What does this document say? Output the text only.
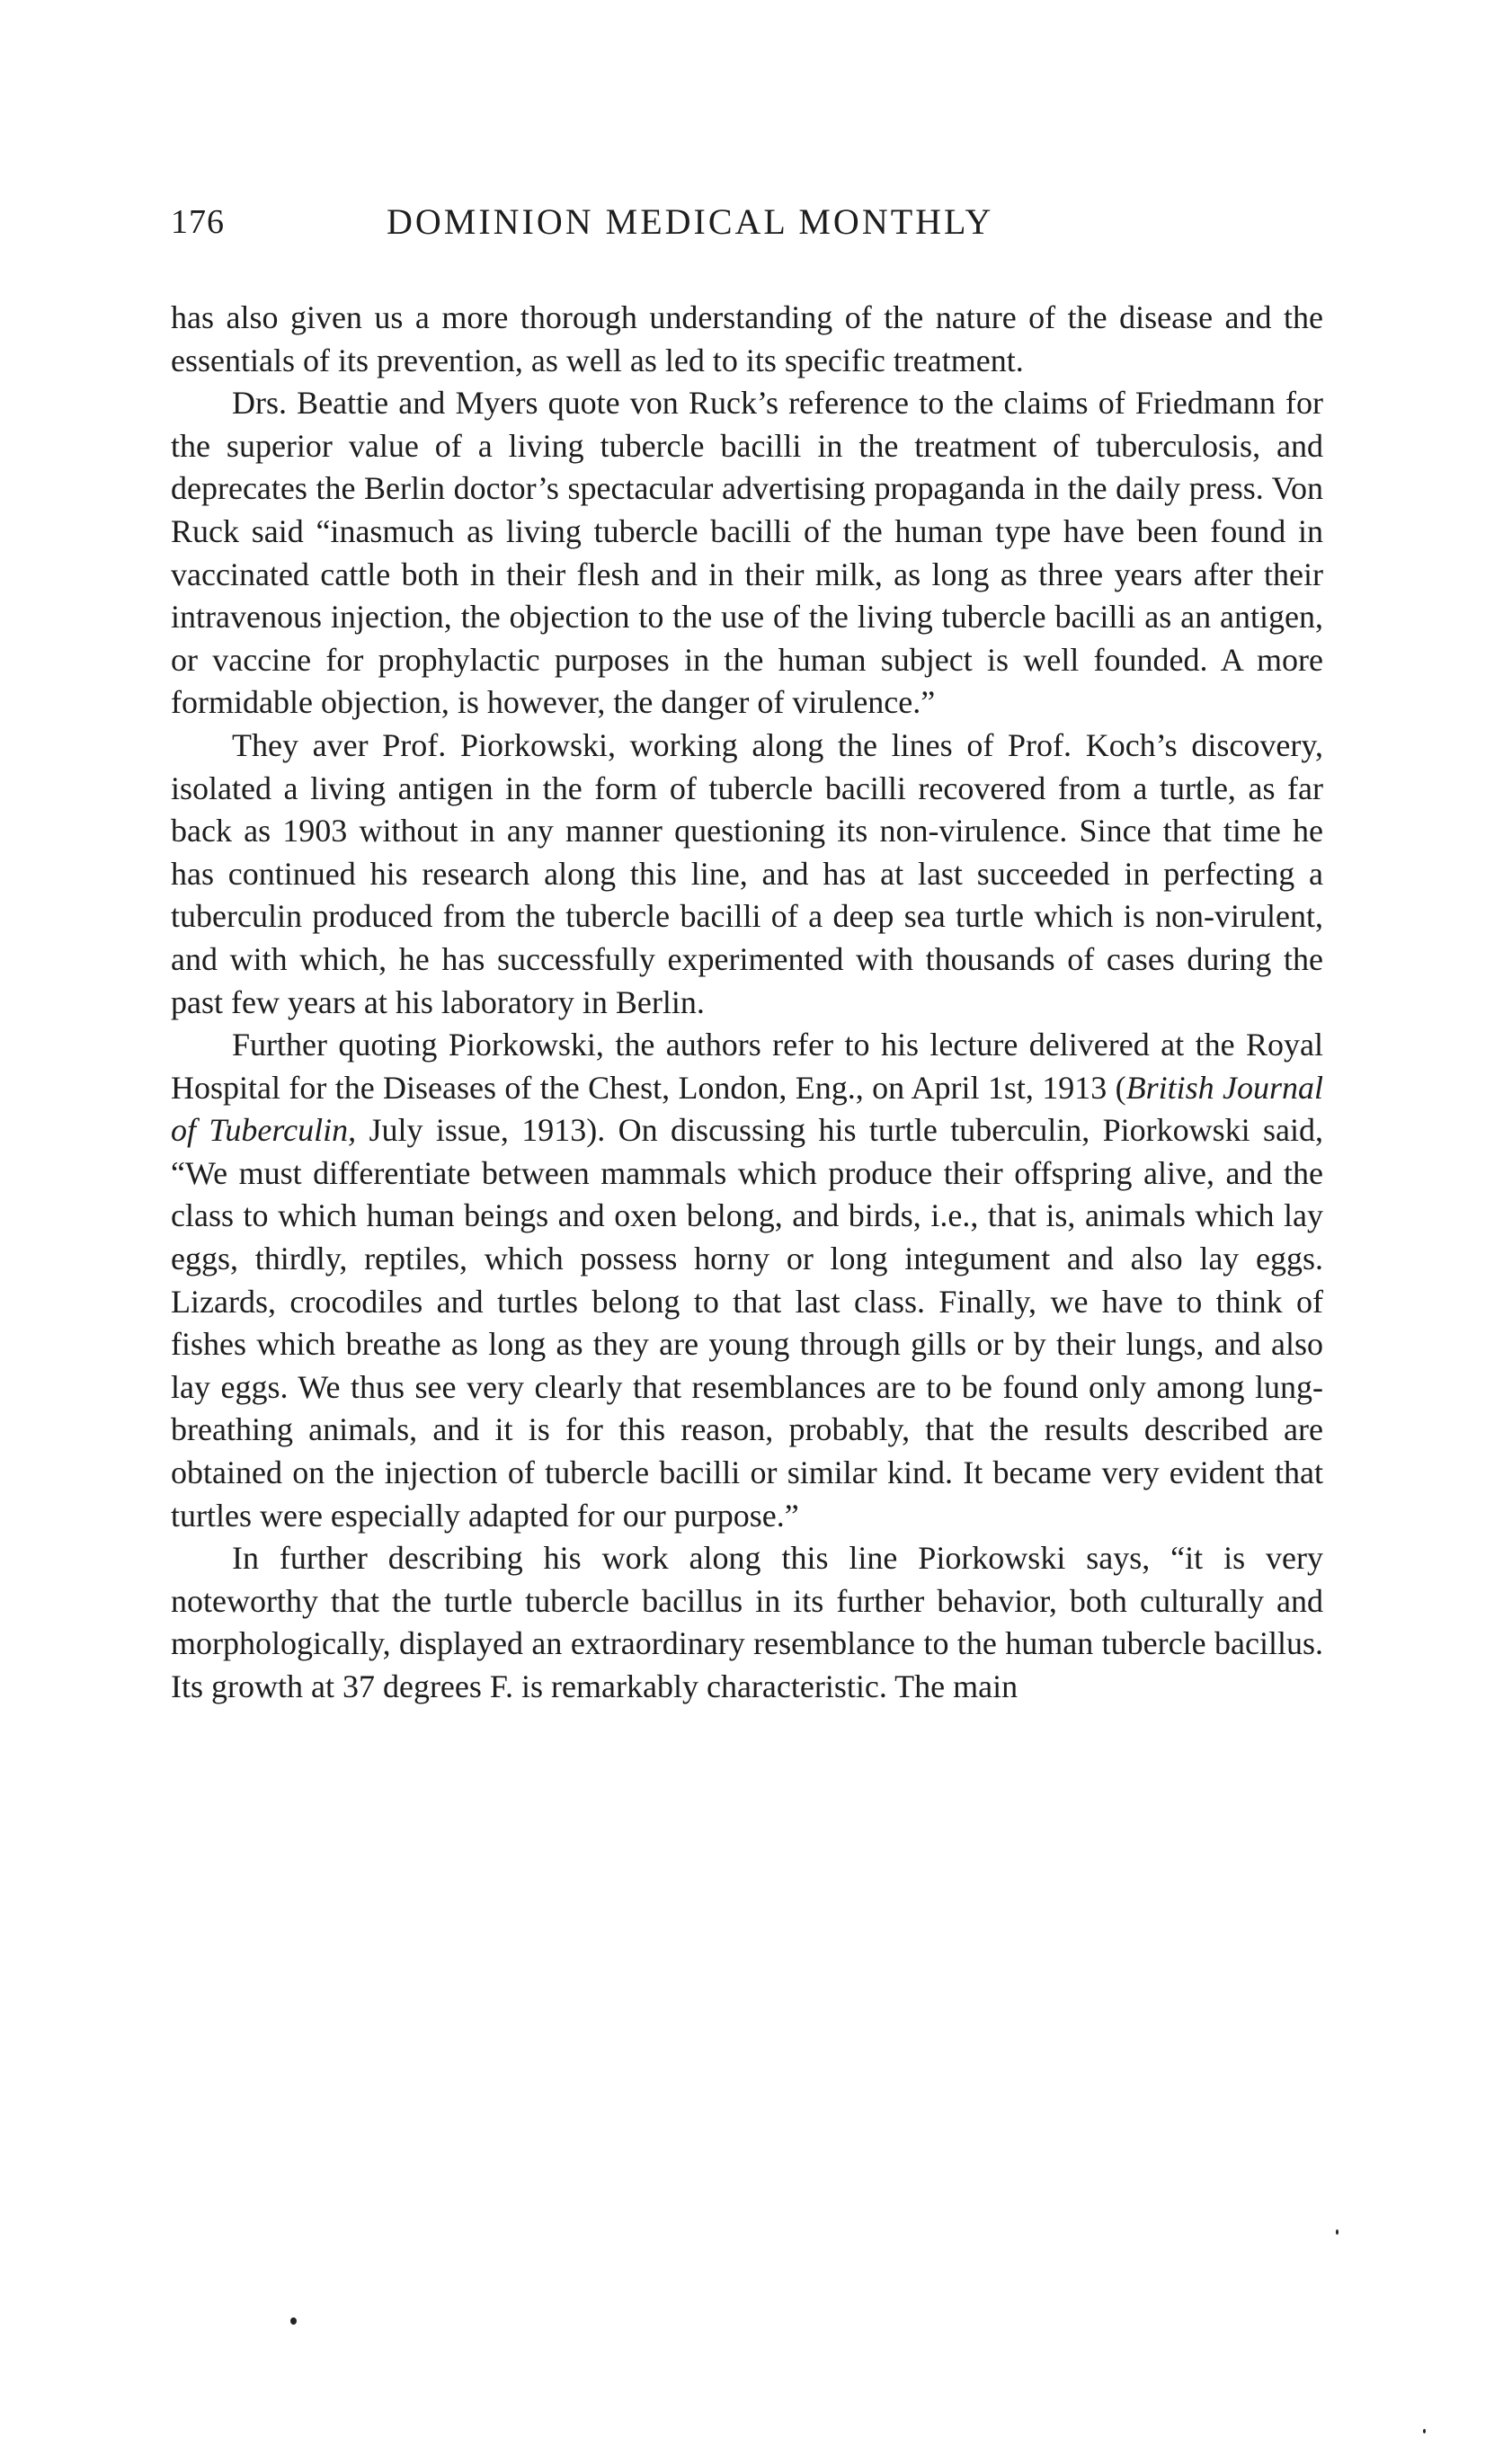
176	DOMINION MEDICAL MONTHLY

has also given us a more thorough understanding of the nature of the disease and the essentials of its prevention, as well as led to its specific treatment.

Drs. Beattie and Myers quote von Ruck’s reference to the claims of Friedmann for the superior value of a living tubercle bacilli in the treatment of tuberculosis, and deprecates the Berlin doctor’s spectacular advertising propaganda in the daily press. Von Ruck said “inasmuch as living tubercle bacilli of the human type have been found in vaccinated cattle both in their flesh and in their milk, as long as three years after their intravenous injection, the objection to the use of the living tubercle bacilli as an antigen, or vaccine for prophylactic purposes in the human subject is well founded. A more formidable objection, is however, the danger of virulence.”

They aver Prof. Piorkowski, working along the lines of Prof. Koch’s discovery, isolated a living antigen in the form of tubercle bacilli recovered from a turtle, as far back as 1903 without in any manner questioning its non-virulence. Since that time he has continued his research along this line, and has at last succeeded in perfecting a tuberculin produced from the tubercle bacilli of a deep sea turtle which is non-virulent, and with which, he has successfully experimented with thousands of cases during the past few years at his laboratory in Berlin.

Further quoting Piorkowski, the authors refer to his lecture delivered at the Royal Hospital for the Diseases of the Chest, London, Eng., on April 1st, 1913 (British Journal of Tuberculin, July issue, 1913). On discussing his turtle tuberculin, Piorkowski said, “We must differentiate between mammals which produce their offspring alive, and the class to which human beings and oxen belong, and birds, i.e., that is, animals which lay eggs, thirdly, reptiles, which possess horny or long integument and also lay eggs. Lizards, crocodiles and turtles belong to that last class. Finally, we have to think of fishes which breathe as long as they are young through gills or by their lungs, and also lay eggs. We thus see very clearly that resemblances are to be found only among lung-breathing animals, and it is for this reason, probably, that the results described are obtained on the injection of tubercle bacilli or similar kind. It became very evident that turtles were especially adapted for our purpose.”

In further describing his work along this line Piorkowski says, “it is very noteworthy that the turtle tubercle bacillus in its further behavior, both culturally and morphologically, displayed an extraordinary resemblance to the human tubercle bacillus. Its growth at 37 degrees F. is remarkably characteristic. The main
